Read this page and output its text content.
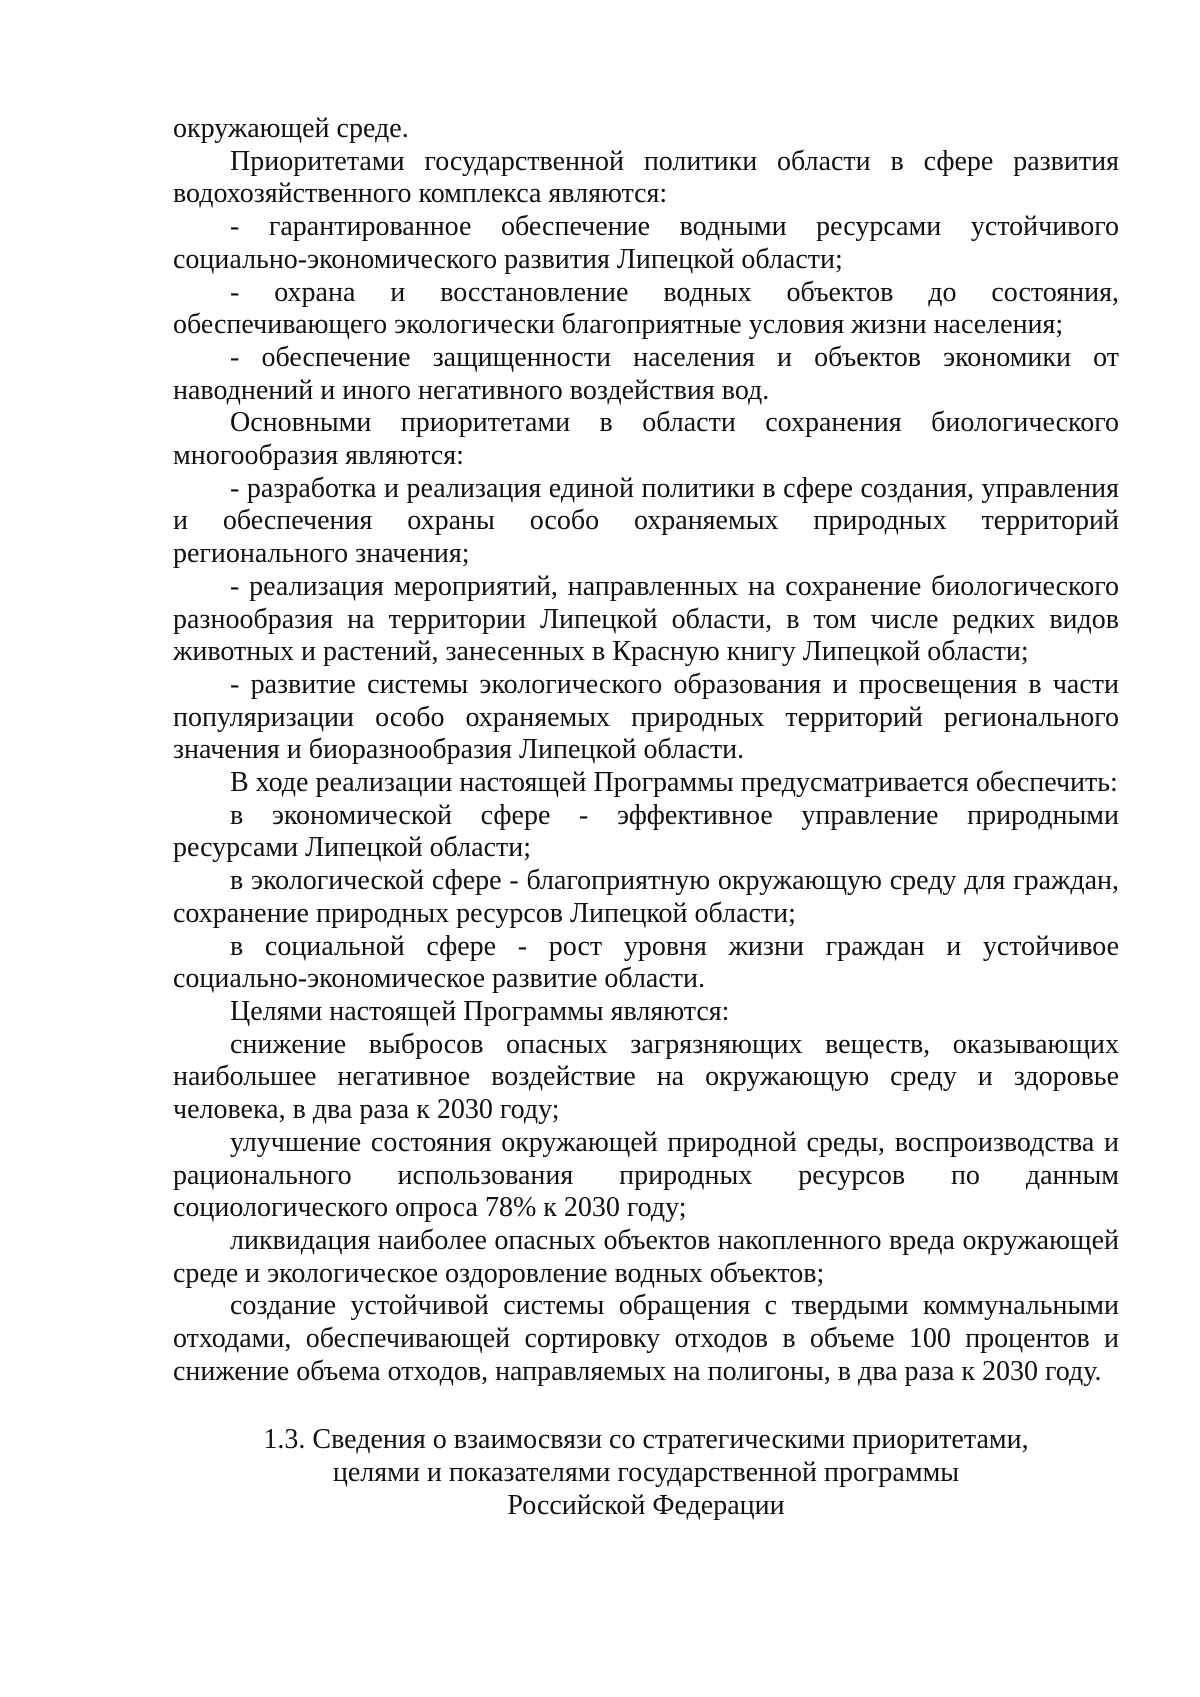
окружающей среде.

Приоритетами государственной политики области в сфере развития водохозяйственного комплекса являются:

- гарантированное обеспечение водными ресурсами устойчивого социально-экономического развития Липецкой области;

- охрана и восстановление водных объектов до состояния, обеспечивающего экологически благоприятные условия жизни населения;

- обеспечение защищенности населения и объектов экономики от наводнений и иного негативного воздействия вод.

Основными приоритетами в области сохранения биологического многообразия являются:

- разработка и реализация единой политики в сфере создания, управления и обеспечения охраны особо охраняемых природных территорий регионального значения;

- реализация мероприятий, направленных на сохранение биологического разнообразия на территории Липецкой области, в том числе редких видов животных и растений, занесенных в Красную книгу Липецкой области;

- развитие системы экологического образования и просвещения в части популяризации особо охраняемых природных территорий регионального значения и биоразнообразия Липецкой области.

В ходе реализации настоящей Программы предусматривается обеспечить:

в экономической сфере - эффективное управление природными ресурсами Липецкой области;

в экологической сфере - благоприятную окружающую среду для граждан, сохранение природных ресурсов Липецкой области;

в социальной сфере - рост уровня жизни граждан и устойчивое социально-экономическое развитие области.

Целями настоящей Программы являются:

снижение выбросов опасных загрязняющих веществ, оказывающих наибольшее негативное воздействие на окружающую среду и здоровье человека, в два раза к 2030 году;

улучшение состояния окружающей природной среды, воспроизводства и рационального использования природных ресурсов по данным социологического опроса 78% к 2030 году;

ликвидация наиболее опасных объектов накопленного вреда окружающей среде и экологическое оздоровление водных объектов;

создание устойчивой системы обращения с твердыми коммунальными отходами, обеспечивающей сортировку отходов в объеме 100 процентов и снижение объема отходов, направляемых на полигоны, в два раза к 2030 году.

1.3. Сведения о взаимосвязи со стратегическими приоритетами,
целями и показателями государственной программы
Российской Федерации
